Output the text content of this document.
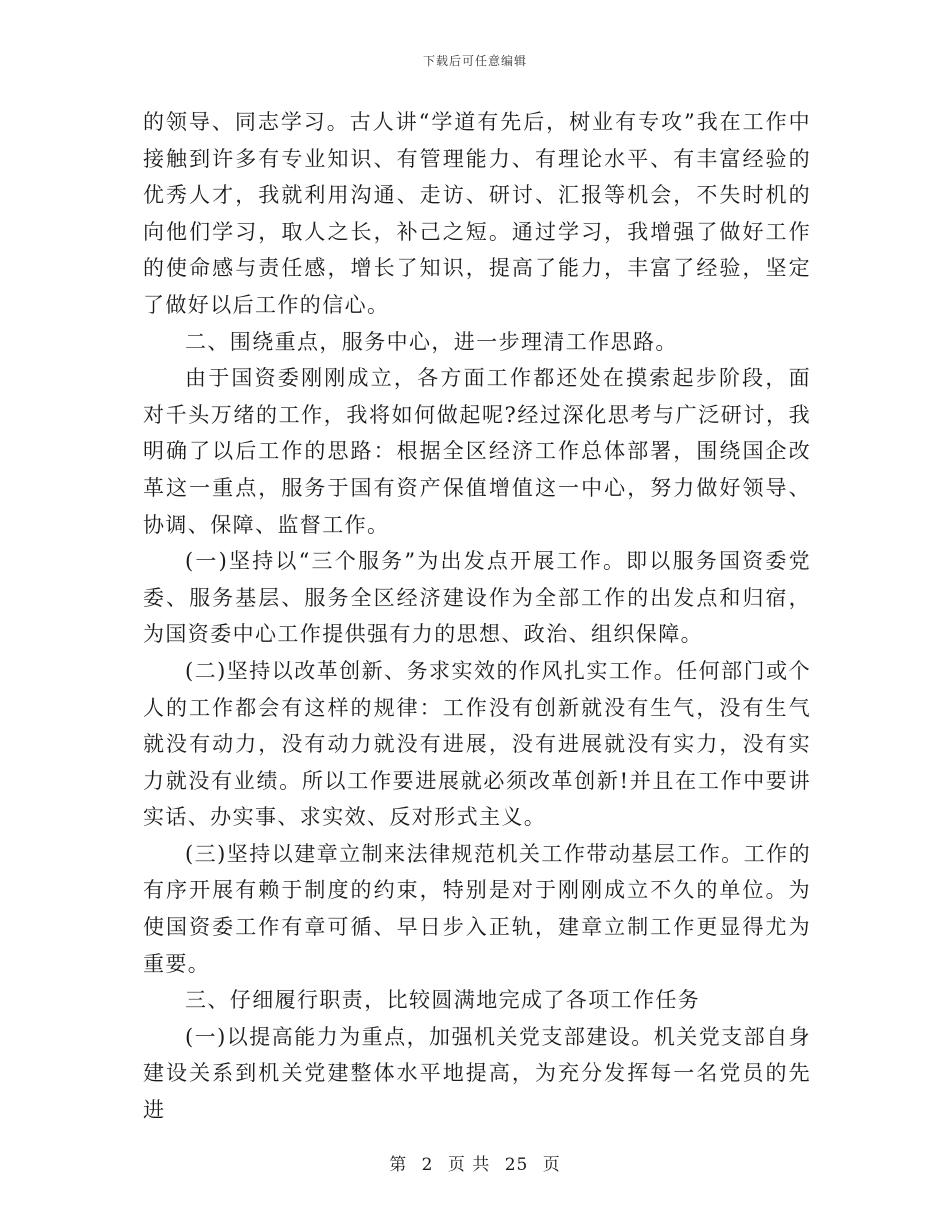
下载后可任意编辑

的领导、同志学习。古人讲“学道有先后，树业有专攻”我在工作中接触到许多有专业知识、有管理能力、有理论水平、有丰富经验的优秀人才，我就利用沟通、走访、研讨、汇报等机会，不失时机的向他们学习，取人之长，补己之短。通过学习，我增强了做好工作的使命感与责任感，增长了知识，提高了能力，丰富了经验，坚定了做好以后工作的信心。

二、围绕重点，服务中心，进一步理清工作思路。

由于国资委刚刚成立，各方面工作都还处在摸索起步阶段，面对千头万绪的工作，我将如何做起呢?经过深化思考与广泛研讨，我明确了以后工作的思路：根据全区经济工作总体部署，围绕国企改革这一重点，服务于国有资产保值增值这一中心，努力做好领导、协调、保障、监督工作。

(一)坚持以“三个服务”为出发点开展工作。即以服务国资委党委、服务基层、服务全区经济建设作为全部工作的出发点和归宿，为国资委中心工作提供强有力的思想、政治、组织保障。

(二)坚持以改革创新、务求实效的作风扎实工作。任何部门或个人的工作都会有这样的规律：工作没有创新就没有生气，没有生气就没有动力，没有动力就没有进展，没有进展就没有实力，没有实力就没有业绩。所以工作要进展就必须改革创新!并且在工作中要讲实话、办实事、求实效、反对形式主义。

(三)坚持以建章立制来法律规范机关工作带动基层工作。工作的有序开展有赖于制度的约束，特别是对于刚刚成立不久的单位。为使国资委工作有章可循、早日步入正轨，建章立制工作更显得尤为重要。

三、仔细履行职责，比较圆满地完成了各项工作任务

(一)以提高能力为重点，加强机关党支部建设。机关党支部自身建设关系到机关党建整体水平地提高，为充分发挥每一名党员的先进

第 2 页 共 25 页
